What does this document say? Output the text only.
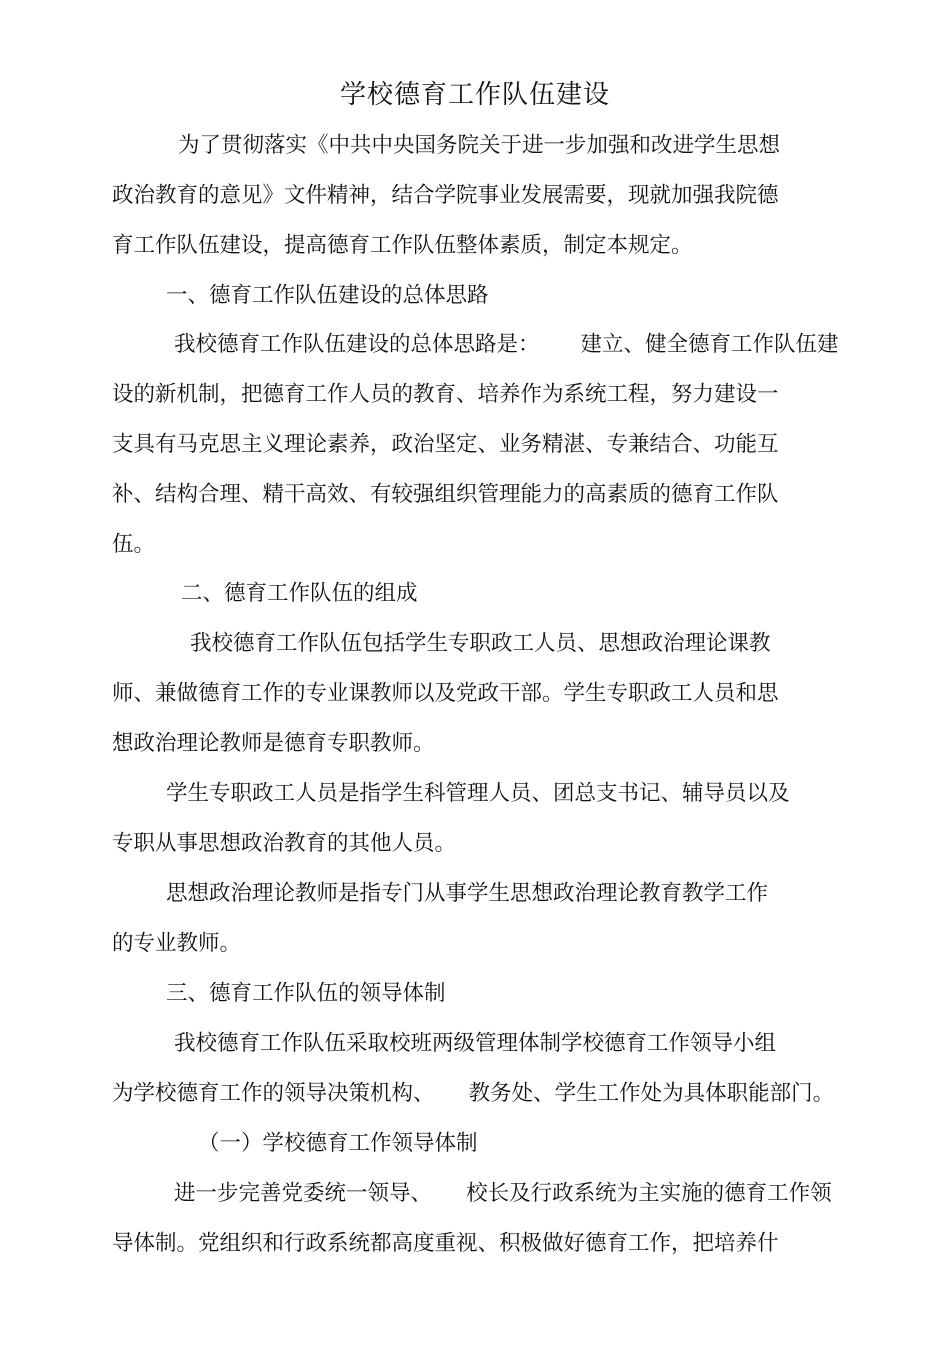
学校德育工作队伍建设
为了贯彻落实《中共中央国务院关于进一步加强和改进学生思想
政治教育的意见》文件精神，结合学院事业发展需要，现就加强我院德
育工作队伍建设，提高德育工作队伍整体素质，制定本规定。
一、德育工作队伍建设的总体思路
我校德育工作队伍建设的总体思路是：      建立、健全德育工作队伍建
设的新机制，把德育工作人员的教育、培养作为系统工程，努力建设一
支具有马克思主义理论素养，政治坚定、业务精湛、专兼结合、功能互
补、结构合理、精干高效、有较强组织管理能力的高素质的德育工作队
伍。
二、德育工作队伍的组成
我校德育工作队伍包括学生专职政工人员、思想政治理论课教
师、兼做德育工作的专业课教师以及党政干部。学生专职政工人员和思
想政治理论教师是德育专职教师。
学生专职政工人员是指学生科管理人员、团总支书记、辅导员以及
专职从事思想政治教育的其他人员。
思想政治理论教师是指专门从事学生思想政治理论教育教学工作
的专业教师。
三、德育工作队伍的领导体制
我校德育工作队伍采取校班两级管理体制学校德育工作领导小组
为学校德育工作的领导决策机构、     教务处、学生工作处为具体职能部门。
（一）学校德育工作领导体制
进一步完善党委统一领导、     校长及行政系统为主实施的德育工作领
导体制。党组织和行政系统都高度重视、积极做好德育工作，把培养什
